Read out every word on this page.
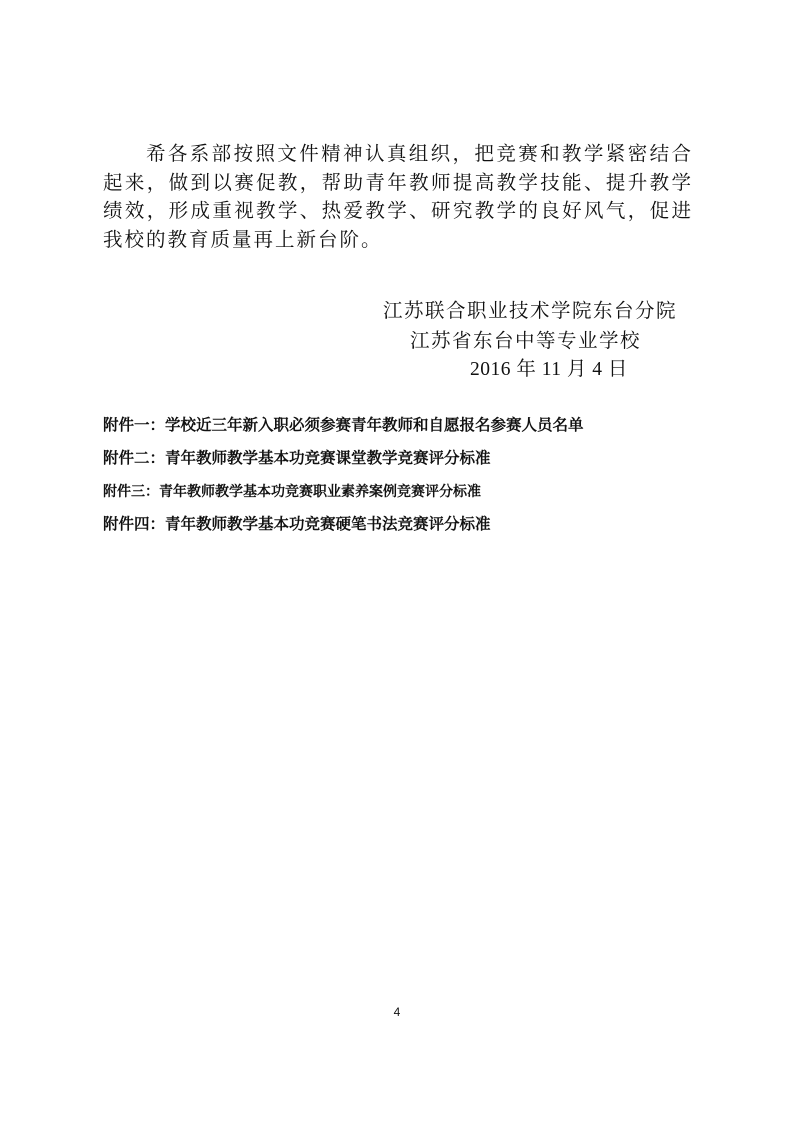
希各系部按照文件精神认真组织，把竞赛和教学紧密结合起来，做到以赛促教，帮助青年教师提高教学技能、提升教学绩效，形成重视教学、热爱教学、研究教学的良好风气，促进我校的教育质量再上新台阶。

江苏联合职业技术学院东台分院

江苏省东台中等专业学校

2016 年 11 月 4 日

附件一：学校近三年新入职必须参赛青年教师和自愿报名参赛人员名单

附件二：青年教师教学基本功竞赛课堂教学竞赛评分标准

附件三：青年教师教学基本功竞赛职业素养案例竞赛评分标准

附件四：青年教师教学基本功竞赛硬笔书法竞赛评分标准

4
